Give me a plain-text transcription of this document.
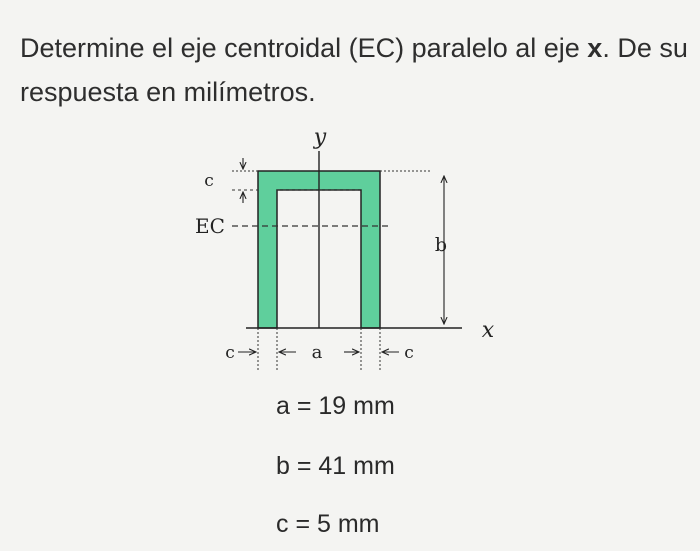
Determine el eje centroidal (EC) paralelo al eje x. De su respuesta en milímetros.
y
x
EC
c
b
c	a	c
a = 19 mm
b = 41 mm
c = 5 mm
